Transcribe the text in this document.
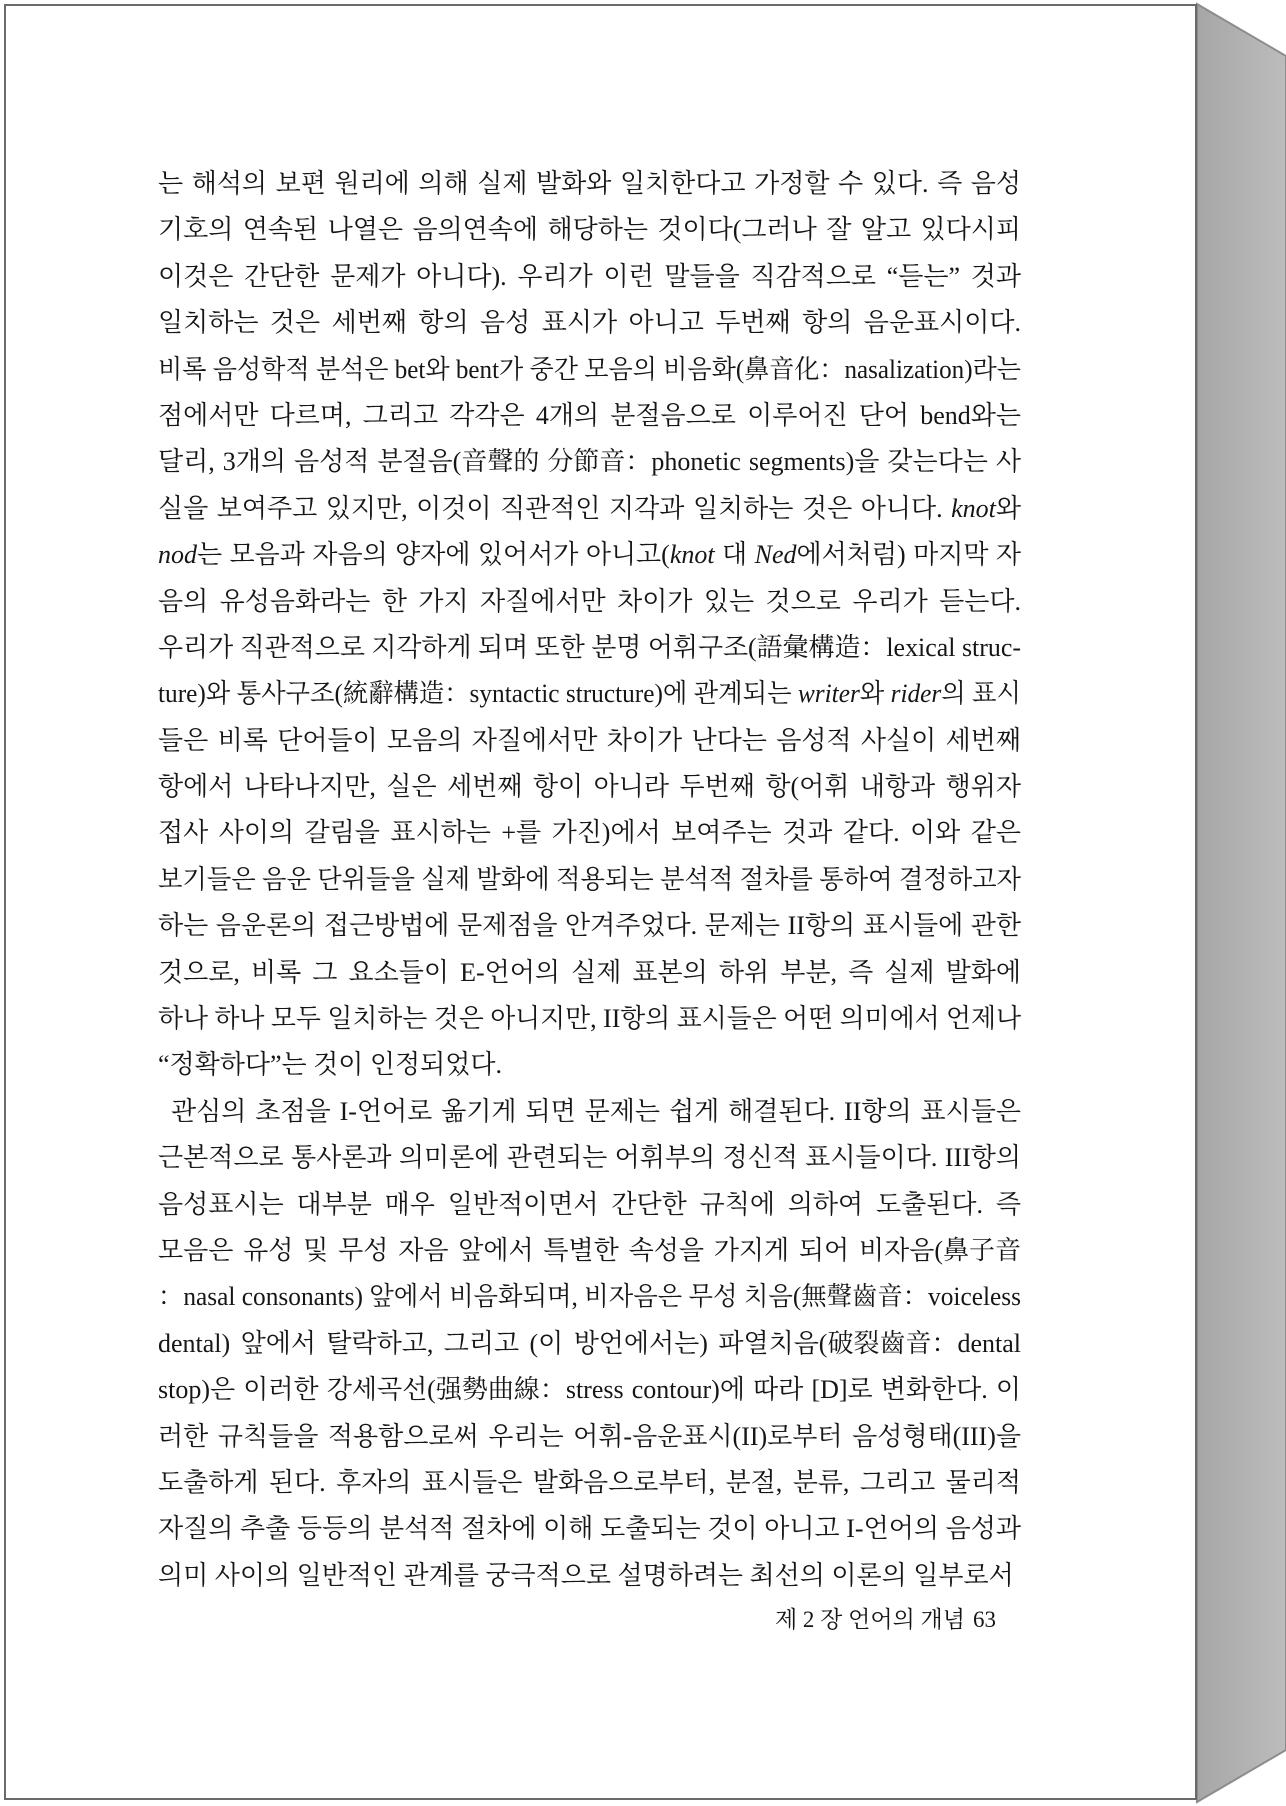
는 해석의 보편 원리에 의해 실제 발화와 일치한다고 가정할 수 있다. 즉 음성
기호의 연속된 나열은 음의연속에 해당하는 것이다(그러나 잘 알고 있다시피
이것은 간단한 문제가 아니다). 우리가 이런 말들을 직감적으로 “듣는” 것과
일치하는 것은 세번째 항의 음성 표시가 아니고 두번째 항의 음운표시이다.
비록 음성학적 분석은 bet와 bent가 중간 모음의 비음화(鼻音化：nasalization)라는
점에서만 다르며, 그리고 각각은 4개의 분절음으로 이루어진 단어 bend와는
달리, 3개의 음성적 분절음(音聲的 分節音：phonetic segments)을 갖는다는 사
실을 보여주고 있지만, 이것이 직관적인 지각과 일치하는 것은 아니다. knot와
nod는 모음과 자음의 양자에 있어서가 아니고(knot 대 Ned에서처럼) 마지막 자
음의 유성음화라는 한 가지 자질에서만 차이가 있는 것으로 우리가 듣는다.
우리가 직관적으로 지각하게 되며 또한 분명 어휘구조(語彙構造：lexical struc-
ture)와 통사구조(統辭構造：syntactic structure)에 관계되는 writer와 rider의 표시
들은 비록 단어들이 모음의 자질에서만 차이가 난다는 음성적 사실이 세번째
항에서 나타나지만, 실은 세번째 항이 아니라 두번째 항(어휘 내항과 행위자
접사 사이의 갈림을 표시하는 +를 가진)에서 보여주는 것과 같다. 이와 같은
보기들은 음운 단위들을 실제 발화에 적용되는 분석적 절차를 통하여 결정하고자
하는 음운론의 접근방법에 문제점을 안겨주었다. 문제는 II항의 표시들에 관한
것으로, 비록 그 요소들이 E-언어의 실제 표본의 하위 부분, 즉 실제 발화에
하나 하나 모두 일치하는 것은 아니지만, II항의 표시들은 어떤 의미에서 언제나
“정확하다”는 것이 인정되었다.
관심의 초점을 I-언어로 옮기게 되면 문제는 쉽게 해결된다. II항의 표시들은
근본적으로 통사론과 의미론에 관련되는 어휘부의 정신적 표시들이다. III항의
음성표시는 대부분 매우 일반적이면서 간단한 규칙에 의하여 도출된다. 즉
모음은 유성 및 무성 자음 앞에서 특별한 속성을 가지게 되어 비자음(鼻子音
：nasal consonants) 앞에서 비음화되며, 비자음은 무성 치음(無聲齒音：voiceless
dental) 앞에서 탈락하고, 그리고 (이 방언에서는) 파열치음(破裂齒音：dental
stop)은 이러한 강세곡선(强勢曲線：stress contour)에 따라 [D]로 변화한다. 이
러한 규칙들을 적용함으로써 우리는 어휘-음운표시(II)로부터 음성형태(III)을
도출하게 된다. 후자의 표시들은 발화음으로부터, 분절, 분류, 그리고 물리적
자질의 추출 등등의 분석적 절차에 이해 도출되는 것이 아니고 I-언어의 음성과
의미 사이의 일반적인 관계를 궁극적으로 설명하려는 최선의 이론의 일부로서
제 2 장 언어의 개념 63
